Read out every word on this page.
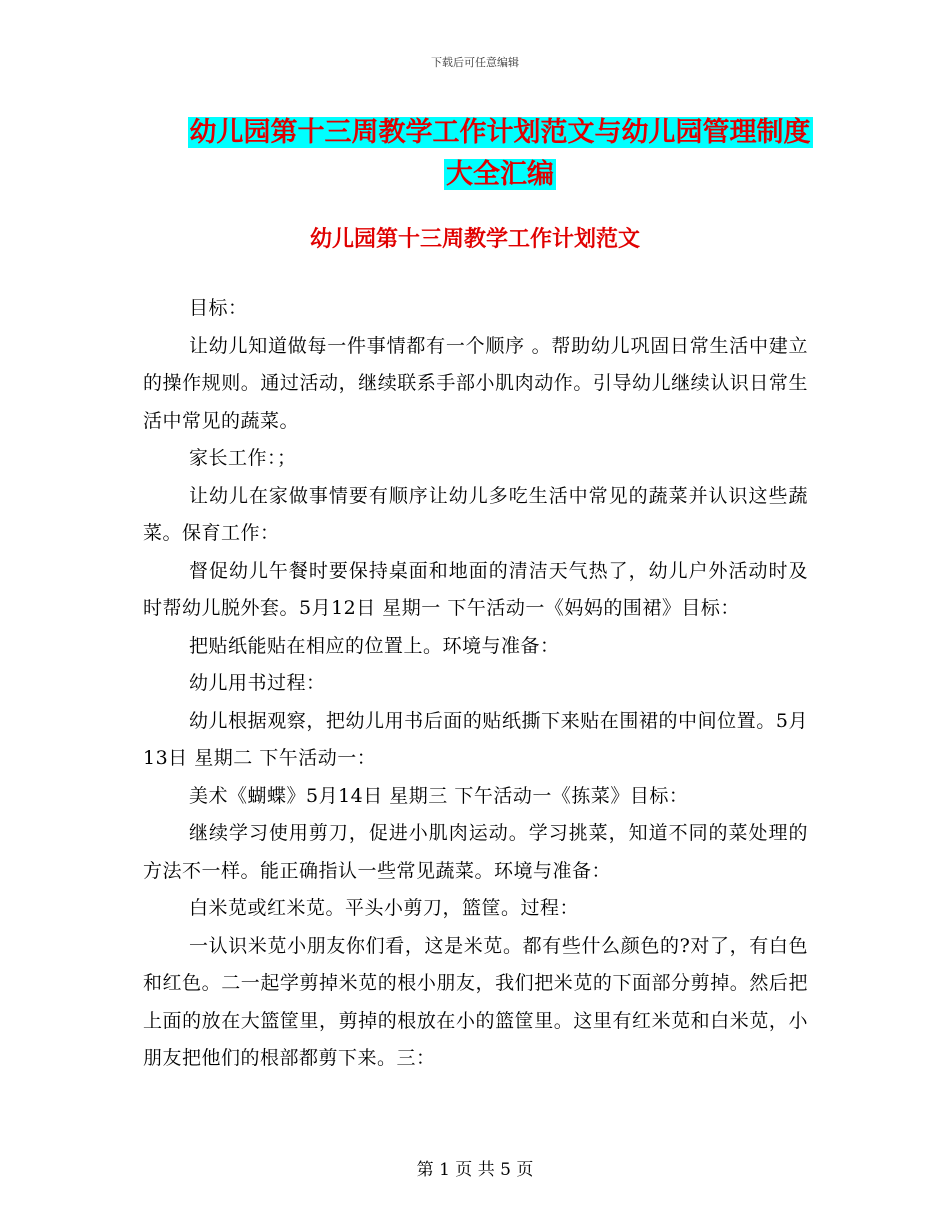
下载后可任意编辑
幼儿园第十三周教学工作计划范文与幼儿园管理制度
大全汇编
幼儿园第十三周教学工作计划范文

目标：

让幼儿知道做每一件事情都有一个顺序 。帮助幼儿巩固日常生活中建立的操作规则。通过活动，继续联系手部小肌肉动作。引导幼儿继续认识日常生活中常见的蔬菜。

家长工作：；

让幼儿在家做事情要有顺序让幼儿多吃生活中常见的蔬菜并认识这些蔬菜。保育工作：

督促幼儿午餐时要保持桌面和地面的清洁天气热了，幼儿户外活动时及时帮幼儿脱外套。5月12日 星期一 下午活动一《妈妈的围裙》目标：

把贴纸能贴在相应的位置上。环境与准备：

幼儿用书过程：

幼儿根据观察，把幼儿用书后面的贴纸撕下来贴在围裙的中间位置。5月13日 星期二 下午活动一：

美术《蝴蝶》5月14日 星期三 下午活动一《拣菜》目标：

继续学习使用剪刀，促进小肌肉运动。学习挑菜，知道不同的菜处理的方法不一样。能正确指认一些常见蔬菜。环境与准备：

白米苋或红米苋。平头小剪刀，篮筐。过程：

一认识米苋小朋友你们看，这是米苋。都有些什么颜色的?对了，有白色和红色。二一起学剪掉米苋的根小朋友，我们把米苋的下面部分剪掉。然后把上面的放在大篮筐里，剪掉的根放在小的篮筐里。这里有红米苋和白米苋，小朋友把他们的根部都剪下来。三：

第 1 页 共 5 页
